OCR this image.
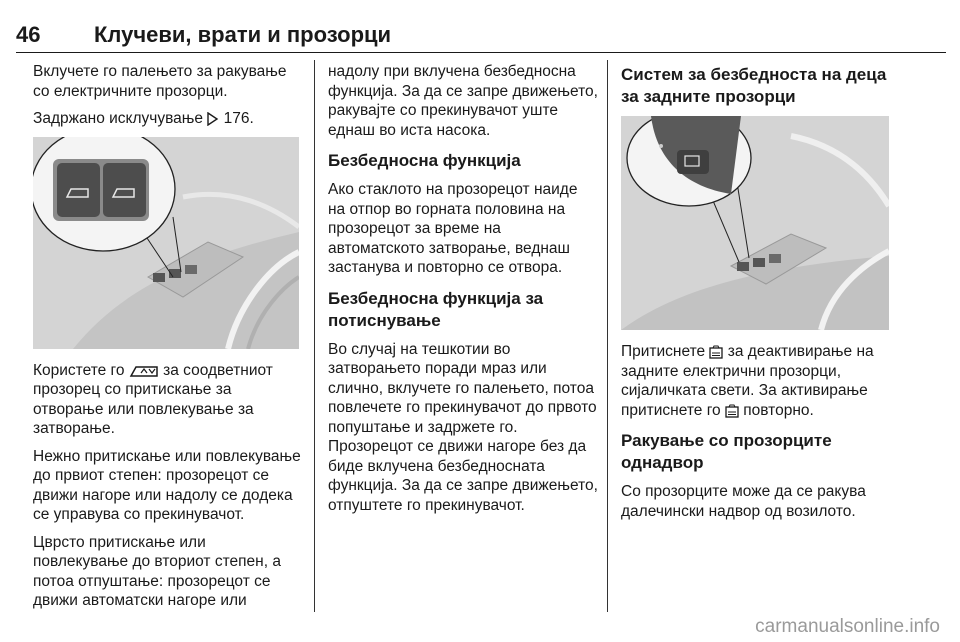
46	Клучеви, врати и прозорци

Вклучете го палењето за ракување со електричните прозорци.

Задржано исклучување 176.

Користете го за соодветниот прозорец со притискање за отворање или повлекување за затворање.

Нежно притискање или повлекување до првиот степен: прозорецот се движи нагоре или надолу се додека се управува со прекинувачот.

Цврсто притискање или повлекување до вториот степен, а потоа отпуштање: прозорецот се движи автоматски нагоре или

надолу при вклучена безбедносна функција. За да се запре движењето, ракувајте со прекинувачот уште еднаш во иста насока.

Безбедносна функција

Ако стаклото на прозорецот наиде на отпор во горната половина на прозорецот за време на автоматското затворање, веднаш застанува и повторно се отвора.

Безбедносна функција за потиснување

Во случај на тешкотии во затворањето поради мраз или слично, вклучете го палењето, потоа повлечете го прекинувачот до првото попуштање и задржете го. Прозорецот се движи нагоре без да биде вклучена безбедносната функција. За да се запре движењето, отпуштете го прекинувачот.

Систем за безбедноста на деца за задните прозорци

Притиснете за деактивирање на задните електрични прозорци, сијаличката свети. За активирање притиснете го повторно.

Ракување со прозорците однадвор

Со прозорците може да се ракува далечински надвор од возилото.

carmanualsonline.info
